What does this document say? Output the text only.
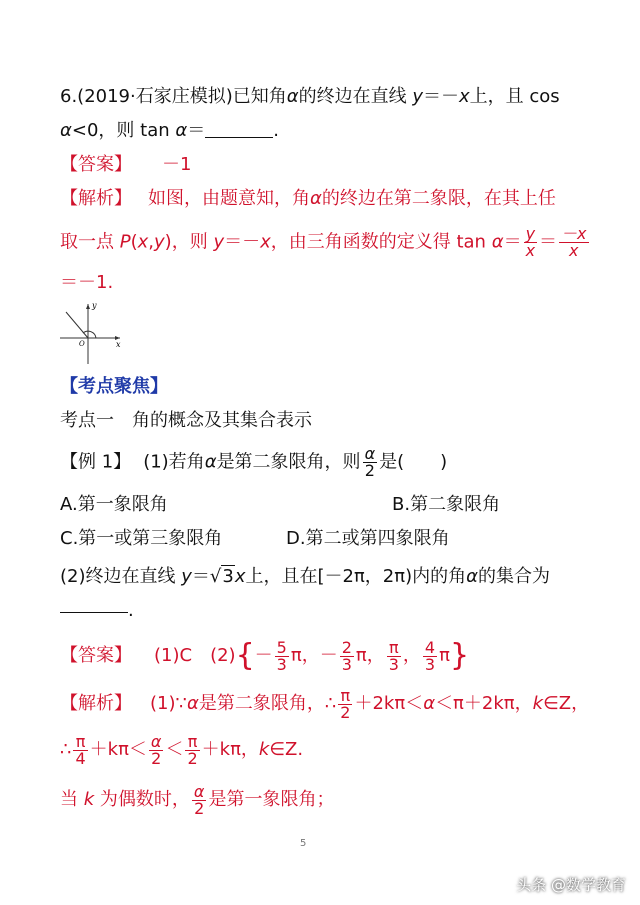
6.(2019·石家庄模拟)已知角α的终边在直线 y＝－x上，且 cos
α<0，则 tan α＝	.
【答案】 －1
【解析】 如图，由题意知，角α的终边在第二象限，在其上任
取一点 P(x,y)，则 y＝－x，由三角函数的定义得 $\tan \alpha= \frac{y}{x} = \frac{-x}{x}$
＝－1.
y
x
O
【考点聚焦】
考点一　角的概念及其集合表示
【例 1】 (1)若角α是第二象限角，则 $\frac{\alpha}{2}$ 是(　　)
A.第一象限角	B.第二象限角
C.第一或第三象限角	D.第二或第四象限角
(2)终边在直线 y＝√3x上，且在[－2π，2π)内的角α的集合为
.
【答案】 (1)C $(2)\{- \frac{5}{3}$ π，－ $\frac{2}{3}$ π， $\frac{\pi}{3}$ ， $\frac{4}{3} \pi$}
【解析】 (1)∵α是第二象限角，∴ $\frac{\pi}{2} +2k\pi<\alpha<\pi+2k\pi$，k∈Z，
∴ $\frac{\pi}{4} +k\pi< \frac{\alpha}{2} < \frac{\pi}{2} +k\pi$，k∈Z.
当 k 为偶数时， $\frac{\alpha}{2}$ 是第一象限角；
5
头条 @数学教育
